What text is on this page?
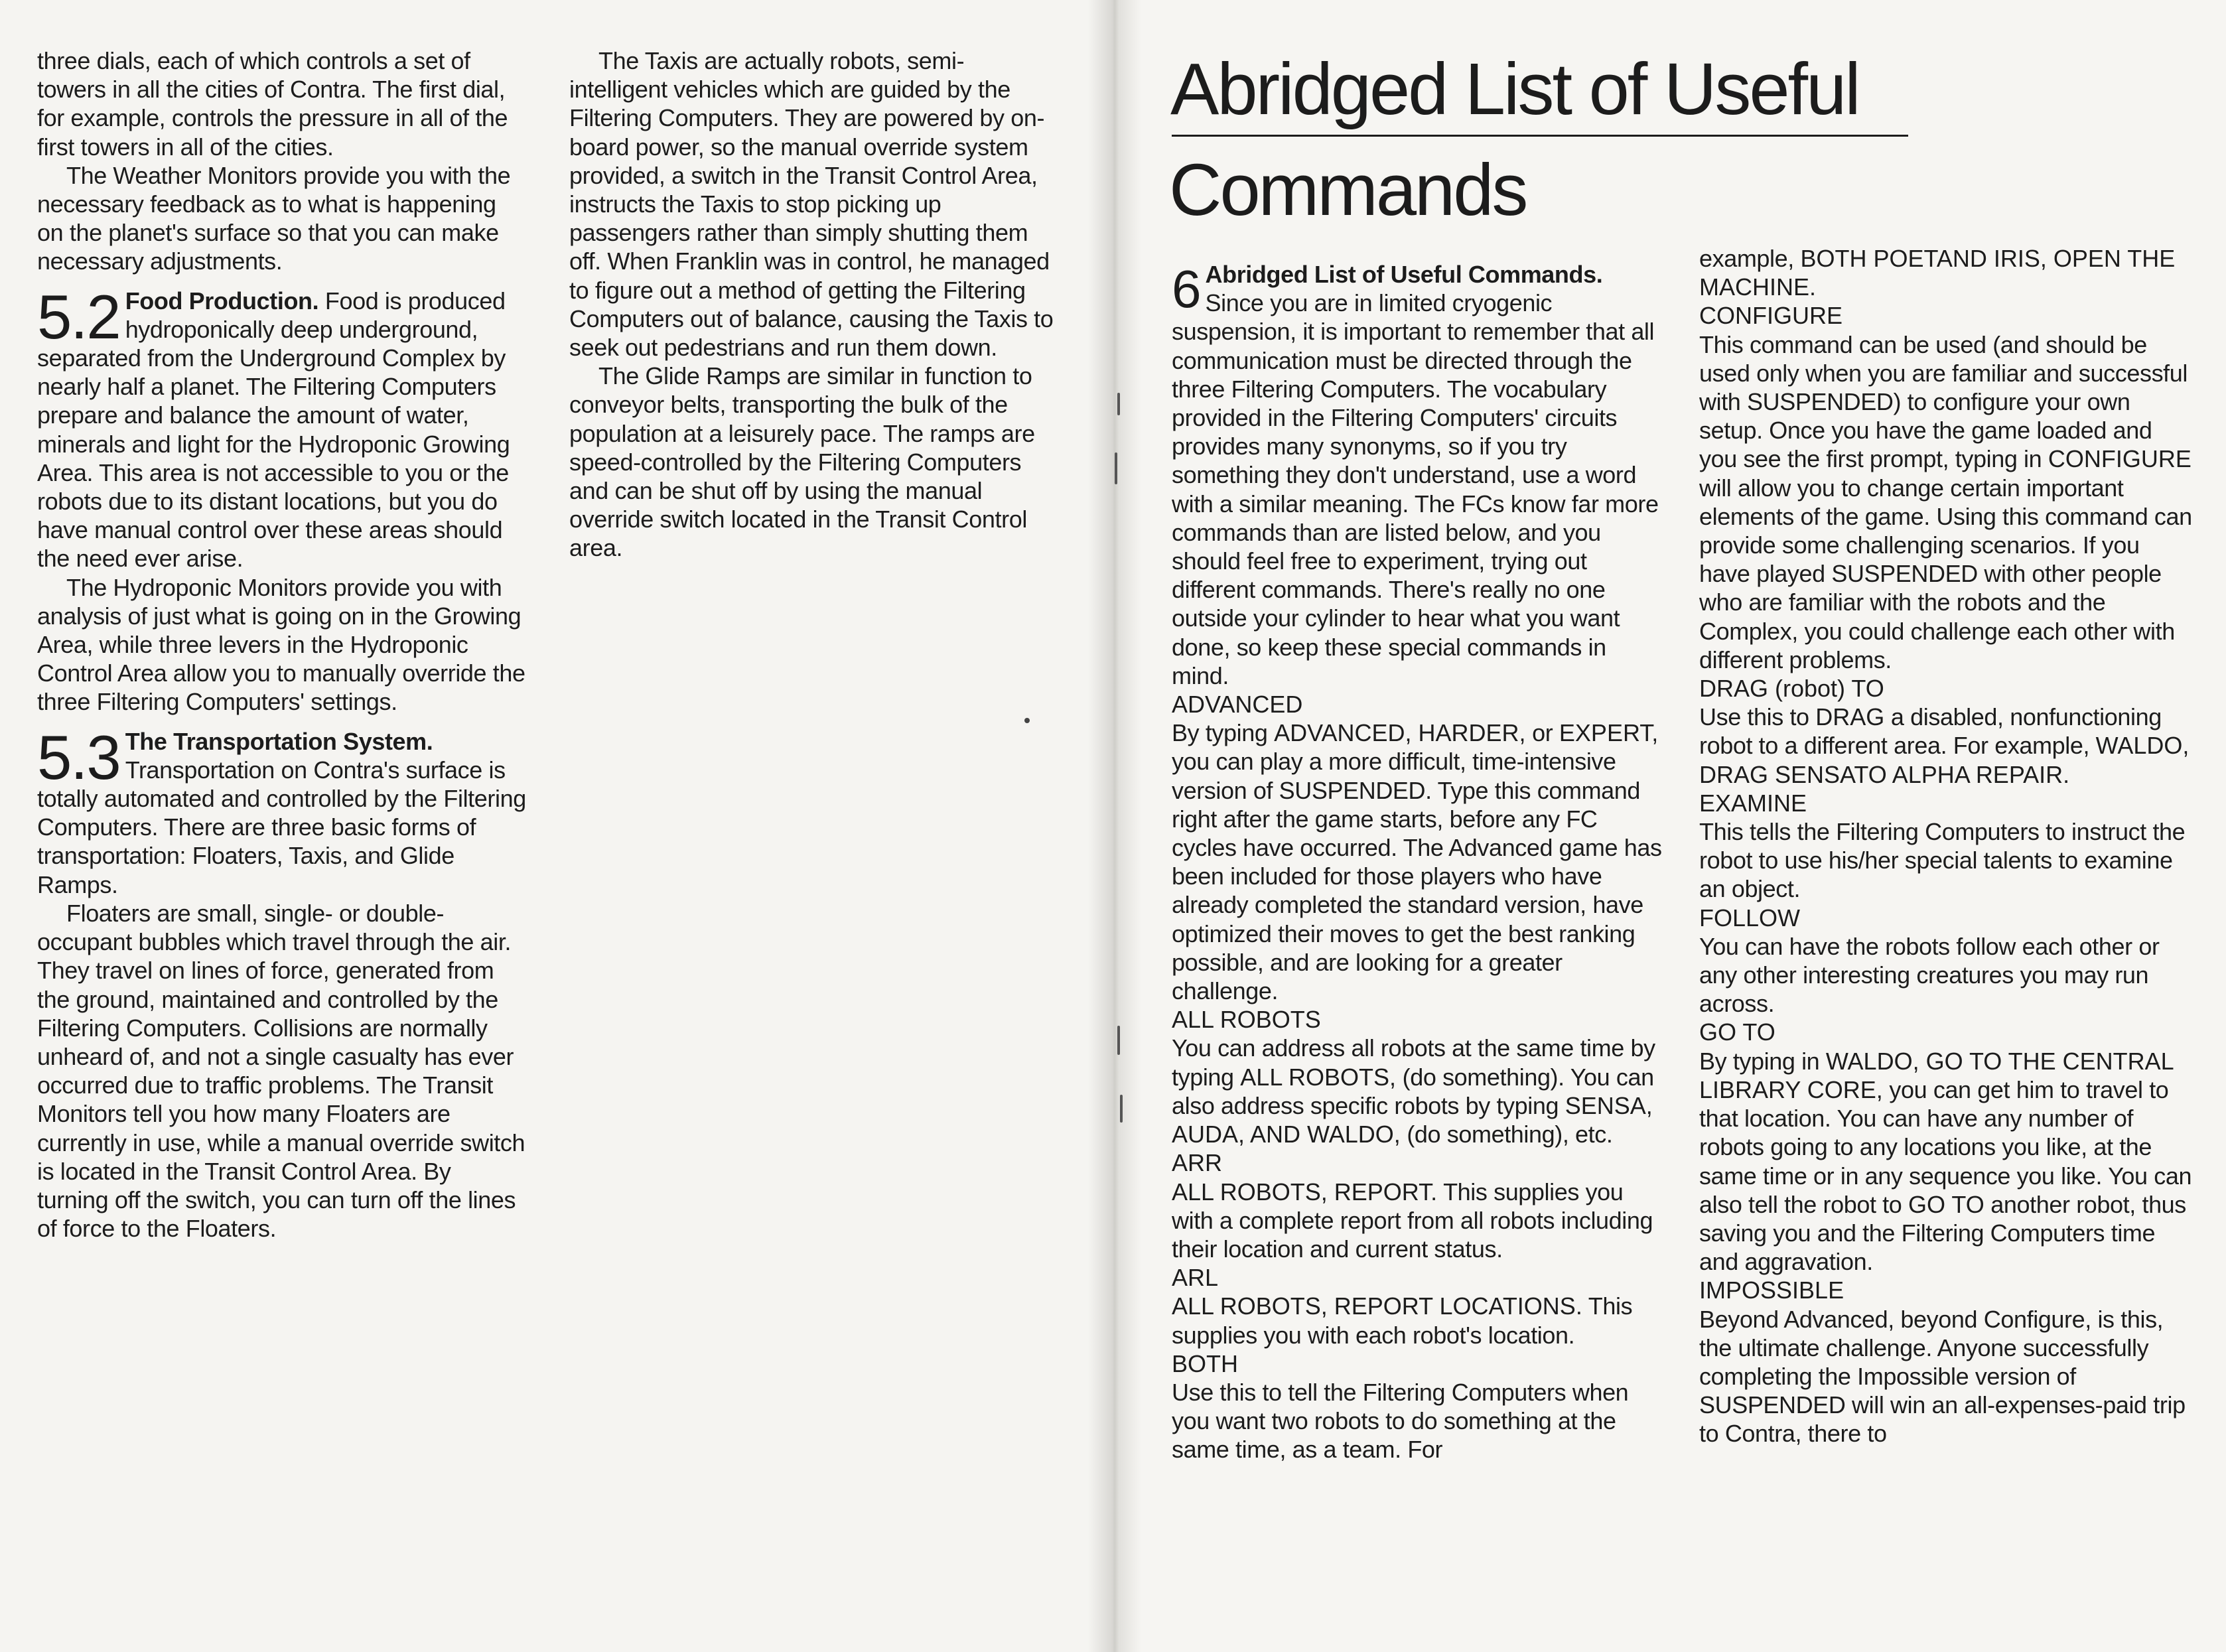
three dials, each of which controls a set of towers in all the cities of Contra. The first dial, for example, controls the pressure in all of the first towers in all of the cities.

The Weather Monitors provide you with the necessary feedback as to what is happening on the planet's surface so that you can make necessary adjustments.

5.2 Food Production. Food is produced hydroponically deep underground, separated from the Underground Complex by nearly half a planet. The Filtering Computers prepare and balance the amount of water, minerals and light for the Hydroponic Growing Area. This area is not accessible to you or the robots due to its distant locations, but you do have manual control over these areas should the need ever arise.

The Hydroponic Monitors provide you with analysis of just what is going on in the Growing Area, while three levers in the Hydroponic Control Area allow you to manually override the three Filtering Computers' settings.

5.3 The Transportation System.
Transportation on Contra's surface is totally automated and controlled by the Filtering Computers. There are three basic forms of transportation: Floaters, Taxis, and Glide Ramps.

Floaters are small, single- or double-occupant bubbles which travel through the air. They travel on lines of force, generated from the ground, maintained and controlled by the Filtering Computers. Collisions are normally unheard of, and not a single casualty has ever occurred due to traffic problems. The Transit Monitors tell you how many Floaters are currently in use, while a manual override switch is located in the Transit Control Area. By turning off the switch, you can turn off the lines of force to the Floaters.

The Taxis are actually robots, semi-intelligent vehicles which are guided by the Filtering Computers. They are powered by on-board power, so the manual override system provided, a switch in the Transit Control Area, instructs the Taxis to stop picking up passengers rather than simply shutting them off. When Franklin was in control, he managed to figure out a method of getting the Filtering Computers out of balance, causing the Taxis to seek out pedestrians and run them down.

The Glide Ramps are similar in function to conveyor belts, transporting the bulk of the population at a leisurely pace. The ramps are speed-controlled by the Filtering Computers and can be shut off by using the manual override switch located in the Transit Control area.

Abridged List of Useful
Commands
6 Abridged List of Useful Commands.
Since you are in limited cryogenic suspension, it is important to remember that all communication must be directed through the three Filtering Computers. The vocabulary provided in the Filtering Computers' circuits provides many synonyms, so if you try something they don't understand, use a word with a similar meaning. The FCs know far more commands than are listed below, and you should feel free to experiment, trying out different commands. There's really no one outside your cylinder to hear what you want done, so keep these special commands in mind.

ADVANCED

By typing ADVANCED, HARDER, or EXPERT, you can play a more difficult, time-intensive version of SUSPENDED. Type this command right after the game starts, before any FC cycles have occurred. The Advanced game has been included for those players who have already completed the standard version, have optimized their moves to get the best ranking possible, and are looking for a greater challenge.

ALL ROBOTS

You can address all robots at the same time by typing ALL ROBOTS, (do something). You can also address specific robots by typing SENSA, AUDA, AND WALDO, (do something), etc.

ARR

ALL ROBOTS, REPORT. This supplies you with a complete report from all robots including their location and current status.

ARL

ALL ROBOTS, REPORT LOCATIONS. This supplies you with each robot's location.

BOTH

Use this to tell the Filtering Computers when you want two robots to do something at the same time, as a team. For

example, BOTH POETAND IRIS, OPEN THE MACHINE.

CONFIGURE

This command can be used (and should be used only when you are familiar and successful with SUSPENDED) to configure your own setup. Once you have the game loaded and you see the first prompt, typing in CONFIGURE will allow you to change certain important elements of the game. Using this command can provide some challenging scenarios. If you have played SUSPENDED with other people who are familiar with the robots and the Complex, you could challenge each other with different problems.

DRAG (robot) TO

Use this to DRAG a disabled, nonfunctioning robot to a different area. For example, WALDO, DRAG SENSATO ALPHA REPAIR.

EXAMINE

This tells the Filtering Computers to instruct the robot to use his/her special talents to examine an object.

FOLLOW

You can have the robots follow each other or any other interesting creatures you may run across.

GO TO

By typing in WALDO, GO TO THE CENTRAL LIBRARY CORE, you can get him to travel to that location. You can have any number of robots going to any locations you like, at the same time or in any sequence you like. You can also tell the robot to GO TO another robot, thus saving you and the Filtering Computers time and aggravation.

IMPOSSIBLE

Beyond Advanced, beyond Configure, is this, the ultimate challenge. Anyone successfully completing the Impossible version of SUSPENDED will win an all-expenses-paid trip to Contra, there to
